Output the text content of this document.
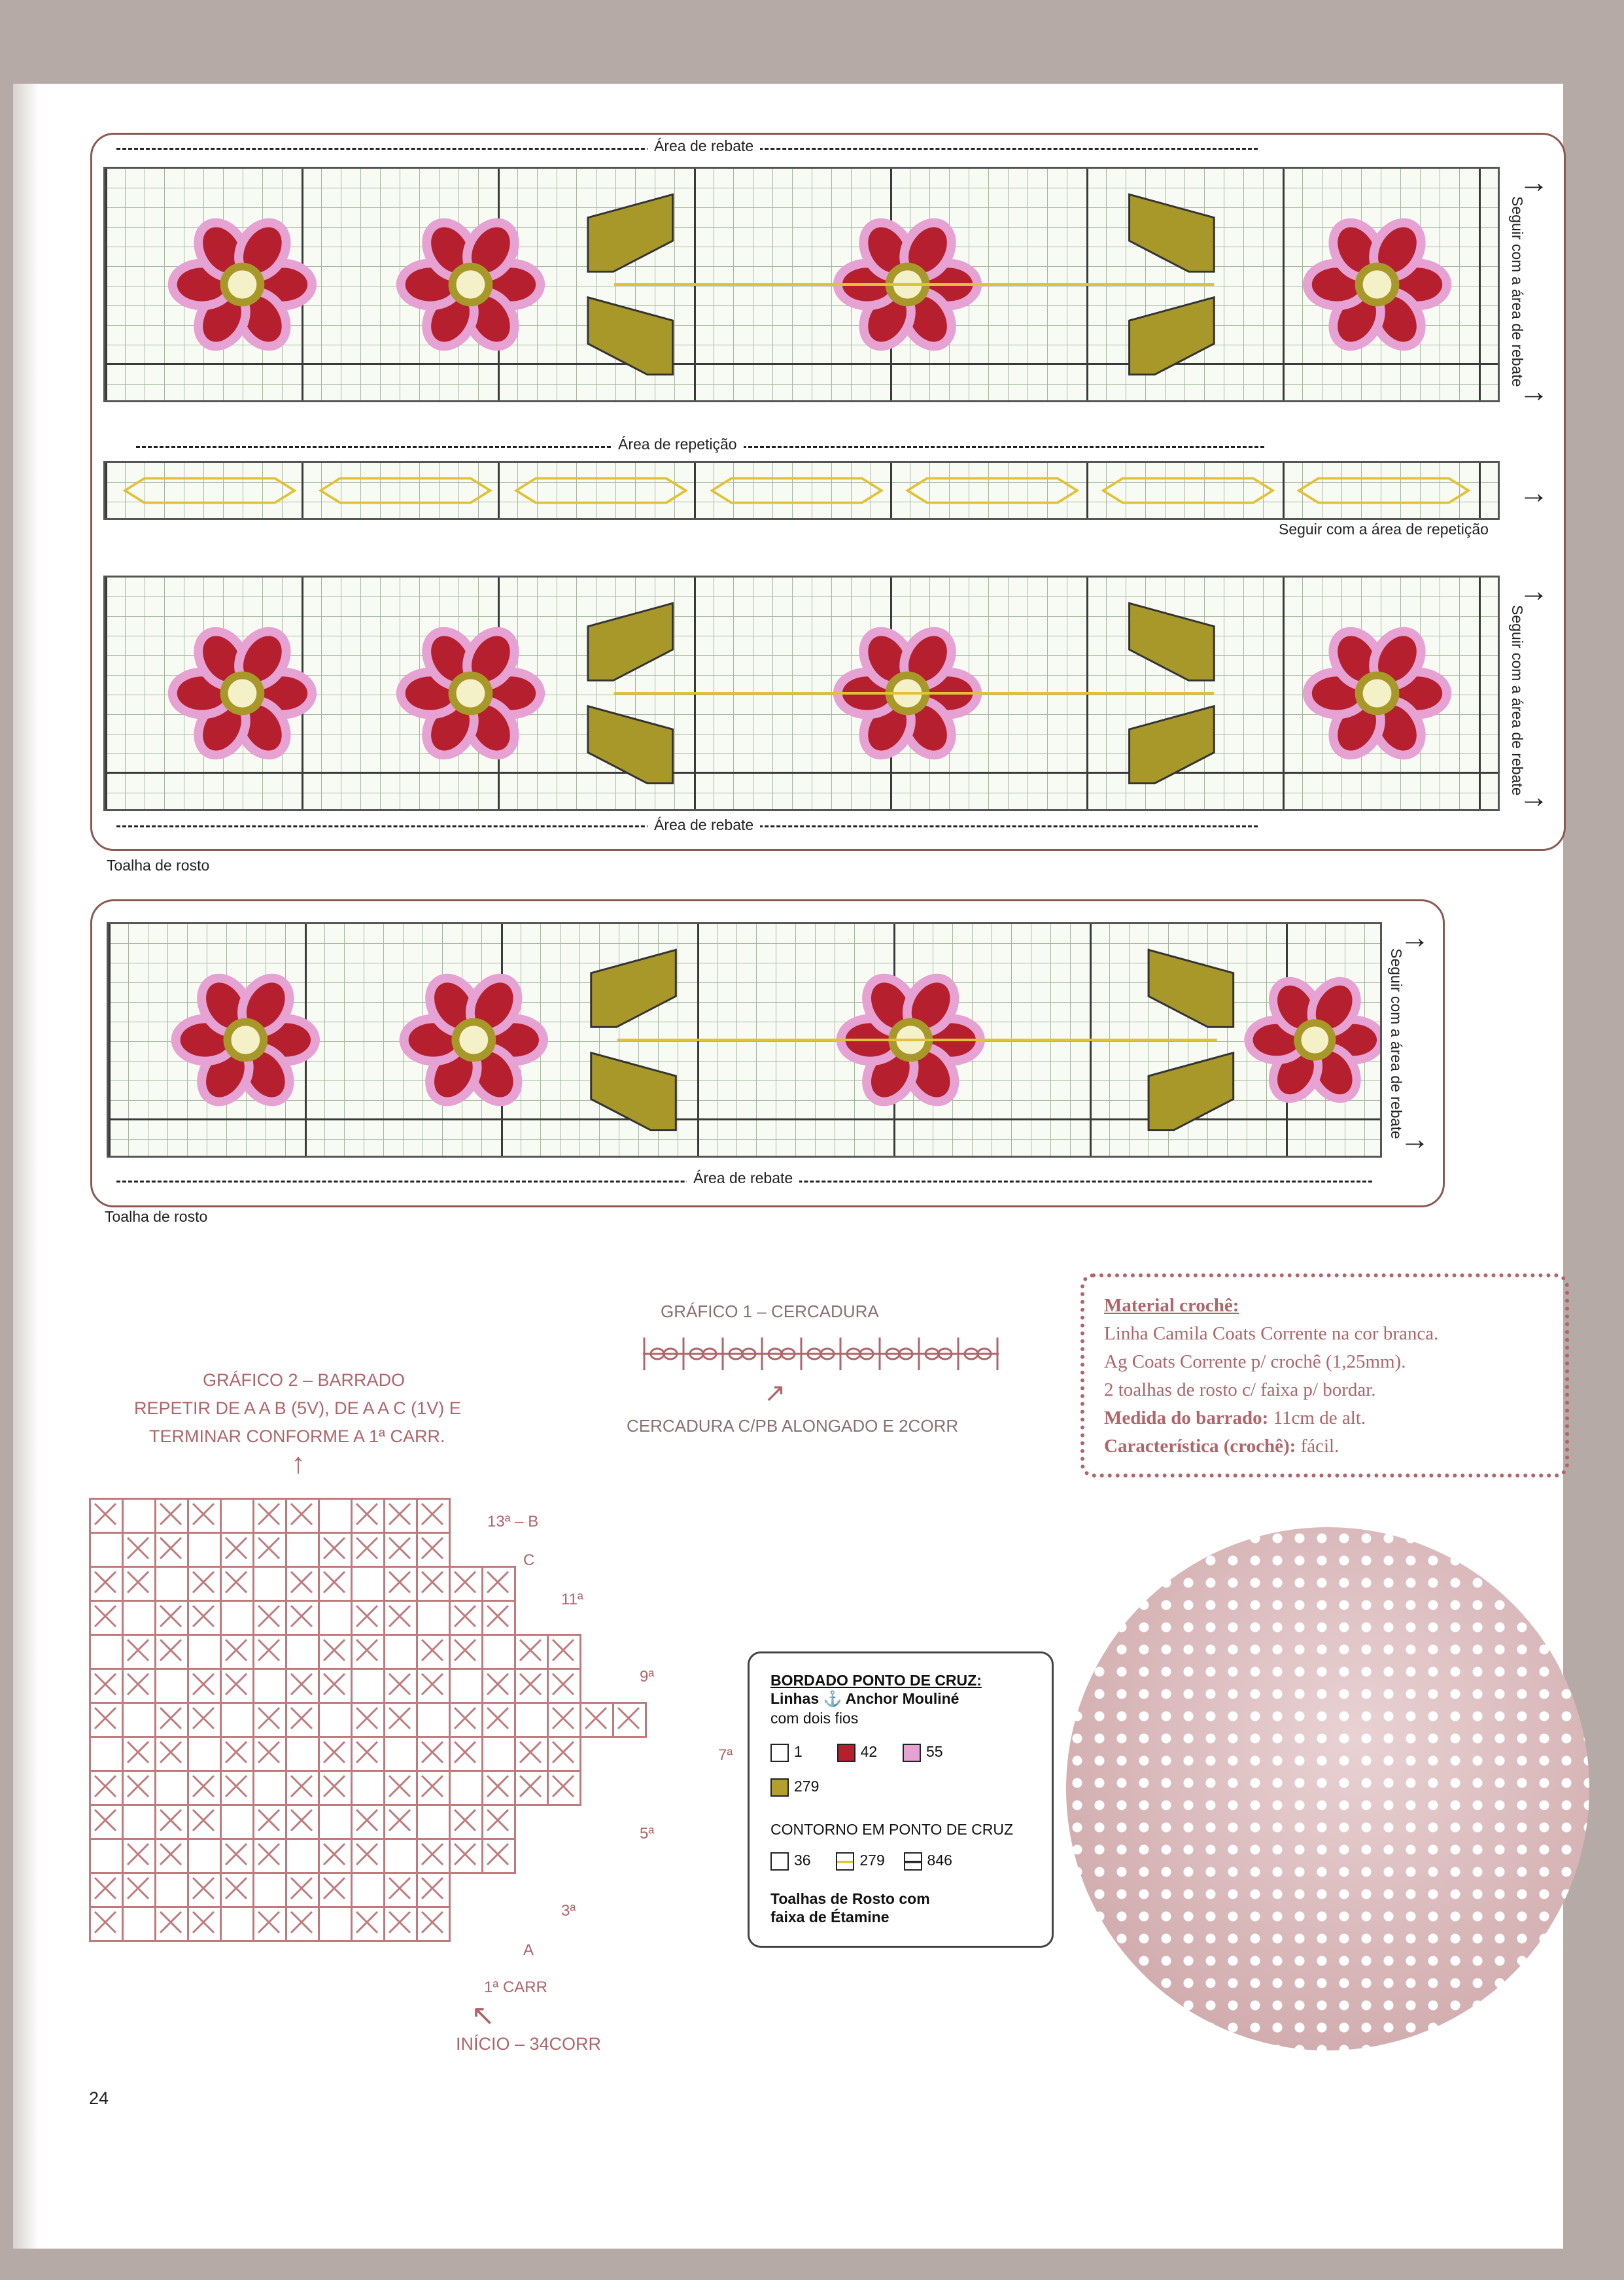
Área de rebate
Área de repetição
Seguir com a área de repetição
Área de rebate
Seguir com a área de rebate
Seguir com a área de rebate
→
→
→
→
→
Toalha de rosto
Área de rebate
Seguir com a área de rebate
→
→
Toalha de rosto
GRÁFICO 1 – CERCADURA
CERCADURA C/PB ALONGADO E 2CORR
↗
GRÁFICO 2 – BARRADO
REPETIR DE A A B (5V), DE A A C (1V) E
TERMINAR CONFORME A 1ª CARR.
↑

13ª – B
C
11ª
9ª
7ª
5ª
3ª
A
1ª CARR
↖
INÍCIO – 34CORR

Material crochê:

Linha Camila Coats Corrente na cor branca.

Ag Coats Corrente p/ crochê (1,25mm).

2 toalhas de rosto c/ faixa p/ bordar.

Medida do barrado: 11cm de alt.

Característica (crochê): fácil.

BORDADO PONTO DE CRUZ:
Linhas ⚓ Anchor Mouliné
com dois fios
1	42	55
279
CONTORNO EM PONTO DE CRUZ
36	279	846
Toalhas de Rosto com
faixa de Étamine
24
